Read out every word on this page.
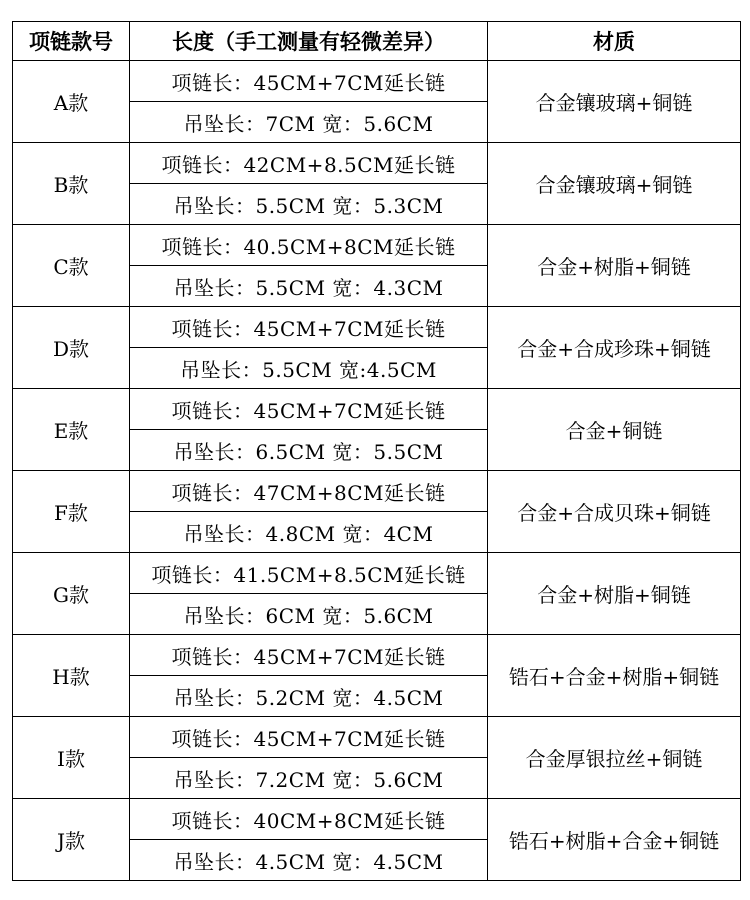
项链款号	长度（手工测量有轻微差异）	材质
A款	项链长：45CM+7CM延长链	合金镶玻璃+铜链
	吊坠长：7CM 宽：5.6CM	
B款	项链长：42CM+8.5CM延长链	合金镶玻璃+铜链
	吊坠长：5.5CM 宽：5.3CM	
C款	项链长：40.5CM+8CM延长链	合金+树脂+铜链
	吊坠长：5.5CM 宽：4.3CM	
D款	项链长：45CM+7CM延长链	合金+合成珍珠+铜链
	吊坠长：5.5CM 宽:4.5CM	
E款	项链长：45CM+7CM延长链	合金+铜链
	吊坠长：6.5CM 宽：5.5CM	
F款	项链长：47CM+8CM延长链	合金+合成贝珠+铜链
	吊坠长：4.8CM 宽：4CM	
G款	项链长：41.5CM+8.5CM延长链	合金+树脂+铜链
	吊坠长：6CM 宽：5.6CM	
H款	项链长：45CM+7CM延长链	锆石+合金+树脂+铜链
	吊坠长：5.2CM 宽：4.5CM	
I款	项链长：45CM+7CM延长链	合金厚银拉丝+铜链
	吊坠长：7.2CM 宽：5.6CM	
J款	项链长：40CM+8CM延长链	锆石+树脂+合金+铜链
	吊坠长：4.5CM 宽：4.5CM	
